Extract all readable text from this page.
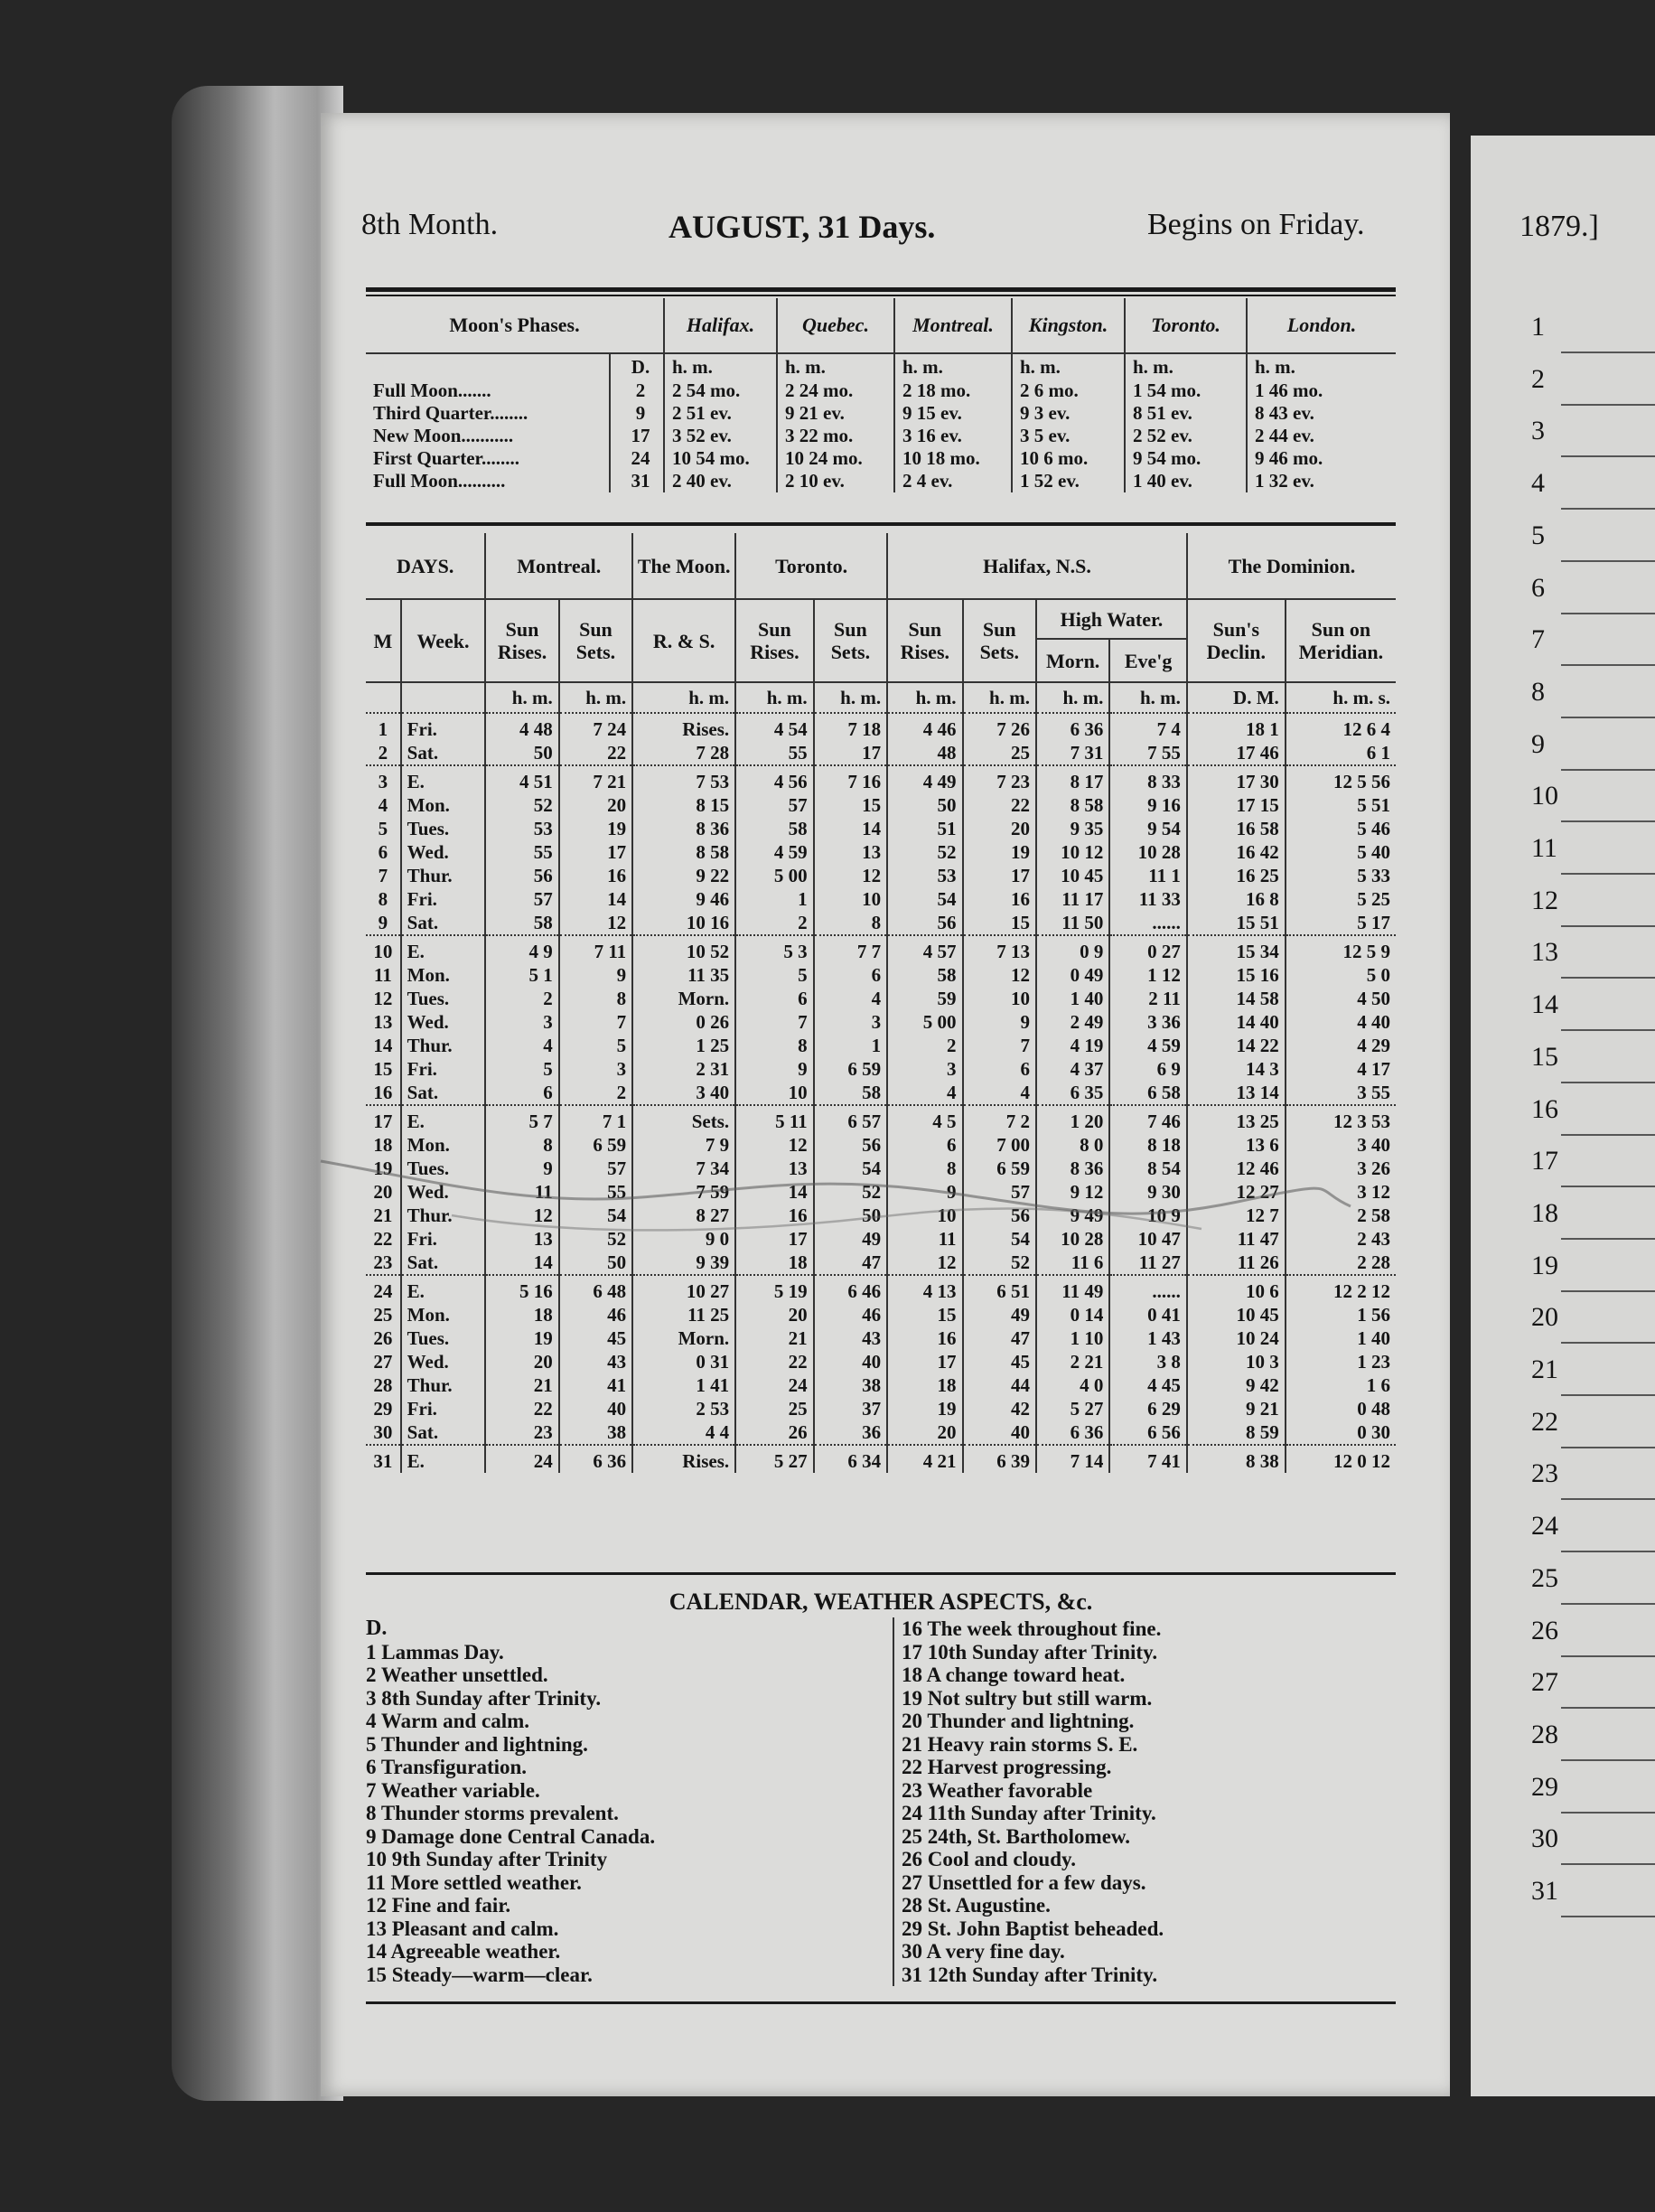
8th Month.	AUGUST, 31 Days.	Begins on Friday.	1879.]
Moon's Phases.		Halifax.	Quebec.	Montreal.	Kingston.	Toronto.	London.
	D.	h. m.	h. m.	h. m.	h. m.	h. m.	h. m.
Full Moon.......	2	2 54 mo.	2 24 mo.	2 18 mo.	2 6 mo.	1 54 mo.	1 46 mo.
Third Quarter........	9	2 51 ev.	9 21 ev.	9 15 ev.	9 3 ev.	8 51 ev.	8 43 ev.
New Moon...........	17	3 52 ev.	3 22 mo.	3 16 ev.	3 5 ev.	2 52 ev.	2 44 ev.
First Quarter........	24	10 54 mo.	10 24 mo.	10 18 mo.	10 6 mo.	9 54 mo.	9 46 mo.
Full Moon..........	31	2 40 ev.	2 10 ev.	2 4 ev.	1 52 ev.	1 40 ev.	1 32 ev.
DAYS.		Montreal.		The Moon.	Toronto.		Halifax, N.S.				The Dominion.	
M	Week.	Sun Rises.	Sun Sets.	R. & S.	Sun Rises.	Sun Sets.	Sun Rises.	Sun Sets.	High Water.		Sun's Declin.	Sun on Meridian.
									Morn.	Eve'g		
		h. m.	h. m.	h. m.	h. m.	h. m.	h. m.	h. m.	h. m.	h. m.	D. M.	h. m. s.
1	Fri.	4 48	7 24	Rises.	4 54	7 18	4 46	7 26	6 36	7 4	18 1	12 6 4
2	Sat.	50	22	7 28	55	17	48	25	7 31	7 55	17 46	6 1
3	E.	4 51	7 21	7 53	4 56	7 16	4 49	7 23	8 17	8 33	17 30	12 5 56
4	Mon.	52	20	8 15	57	15	50	22	8 58	9 16	17 15	5 51
5	Tues.	53	19	8 36	58	14	51	20	9 35	9 54	16 58	5 46
6	Wed.	55	17	8 58	4 59	13	52	19	10 12	10 28	16 42	5 40
7	Thur.	56	16	9 22	5 00	12	53	17	10 45	11 1	16 25	5 33
8	Fri.	57	14	9 46	1	10	54	16	11 17	11 33	16 8	5 25
9	Sat.	58	12	10 16	2	8	56	15	11 50	......	15 51	5 17
10	E.	4 9	7 11	10 52	5 3	7 7	4 57	7 13	0 9	0 27	15 34	12 5 9
11	Mon.	5 1	9	11 35	5	6	58	12	0 49	1 12	15 16	5 0
12	Tues.	2	8	Morn.	6	4	59	10	1 40	2 11	14 58	4 50
13	Wed.	3	7	0 26	7	3	5 00	9	2 49	3 36	14 40	4 40
14	Thur.	4	5	1 25	8	1	2	7	4 19	4 59	14 22	4 29
15	Fri.	5	3	2 31	9	6 59	3	6	4 37	6 9	14 3	4 17
16	Sat.	6	2	3 40	10	58	4	4	6 35	6 58	13 14	3 55
17	E.	5 7	7 1	Sets.	5 11	6 57	4 5	7 2	1 20	7 46	13 25	12 3 53
18	Mon.	8	6 59	7 9	12	56	6	7 00	8 0	8 18	13 6	3 40
19	Tues.	9	57	7 34	13	54	8	6 59	8 36	8 54	12 46	3 26
20	Wed.	11	55	7 59	14	52	9	57	9 12	9 30	12 27	3 12
21	Thur.	12	54	8 27	16	50	10	56	9 49	10 9	12 7	2 58
22	Fri.	13	52	9 0	17	49	11	54	10 28	10 47	11 47	2 43
23	Sat.	14	50	9 39	18	47	12	52	11 6	11 27	11 26	2 28
24	E.	5 16	6 48	10 27	5 19	6 46	4 13	6 51	11 49	......	10 6	12 2 12
25	Mon.	18	46	11 25	20	46	15	49	0 14	0 41	10 45	1 56
26	Tues.	19	45	Morn.	21	43	16	47	1 10	1 43	10 24	1 40
27	Wed.	20	43	0 31	22	40	17	45	2 21	3 8	10 3	1 23
28	Thur.	21	41	1 41	24	38	18	44	4 0	4 45	9 42	1 6
29	Fri.	22	40	2 53	25	37	19	42	5 27	6 29	9 21	0 48
30	Sat.	23	38	4 4	26	36	20	40	6 36	6 56	8 59	0 30
31	E.	24	6 36	Rises.	5 27	6 34	4 21	6 39	7 14	7 41	8 38	12 0 12
CALENDAR, WEATHER ASPECTS, &c.
D.
1 Lammas Day.
2 Weather unsettled.
3 8th Sunday after Trinity.
4 Warm and calm.
5 Thunder and lightning.
6 Transfiguration.
7 Weather variable.
8 Thunder storms prevalent.
9 Damage done Central Canada.
10 9th Sunday after Trinity
11 More settled weather.
12 Fine and fair.
13 Pleasant and calm.
14 Agreeable weather.
15 Steady—warm—clear.
16 The week throughout fine.
17 10th Sunday after Trinity.
18 A change toward heat.
19 Not sultry but still warm.
20 Thunder and lightning.
21 Heavy rain storms S. E.
22 Harvest progressing.
23 Weather favorable
24 11th Sunday after Trinity.
25 24th, St. Bartholomew.
26 Cool and cloudy.
27 Unsettled for a few days.
28 St. Augustine.
29 St. John Baptist beheaded.
30 A very fine day.
31 12th Sunday after Trinity.
1
2
3
4
5
6
7
8
9
10
11
12
13
14
15
16
17
18
19
20
21
22
23
24
25
26
27
28
29
30
31
